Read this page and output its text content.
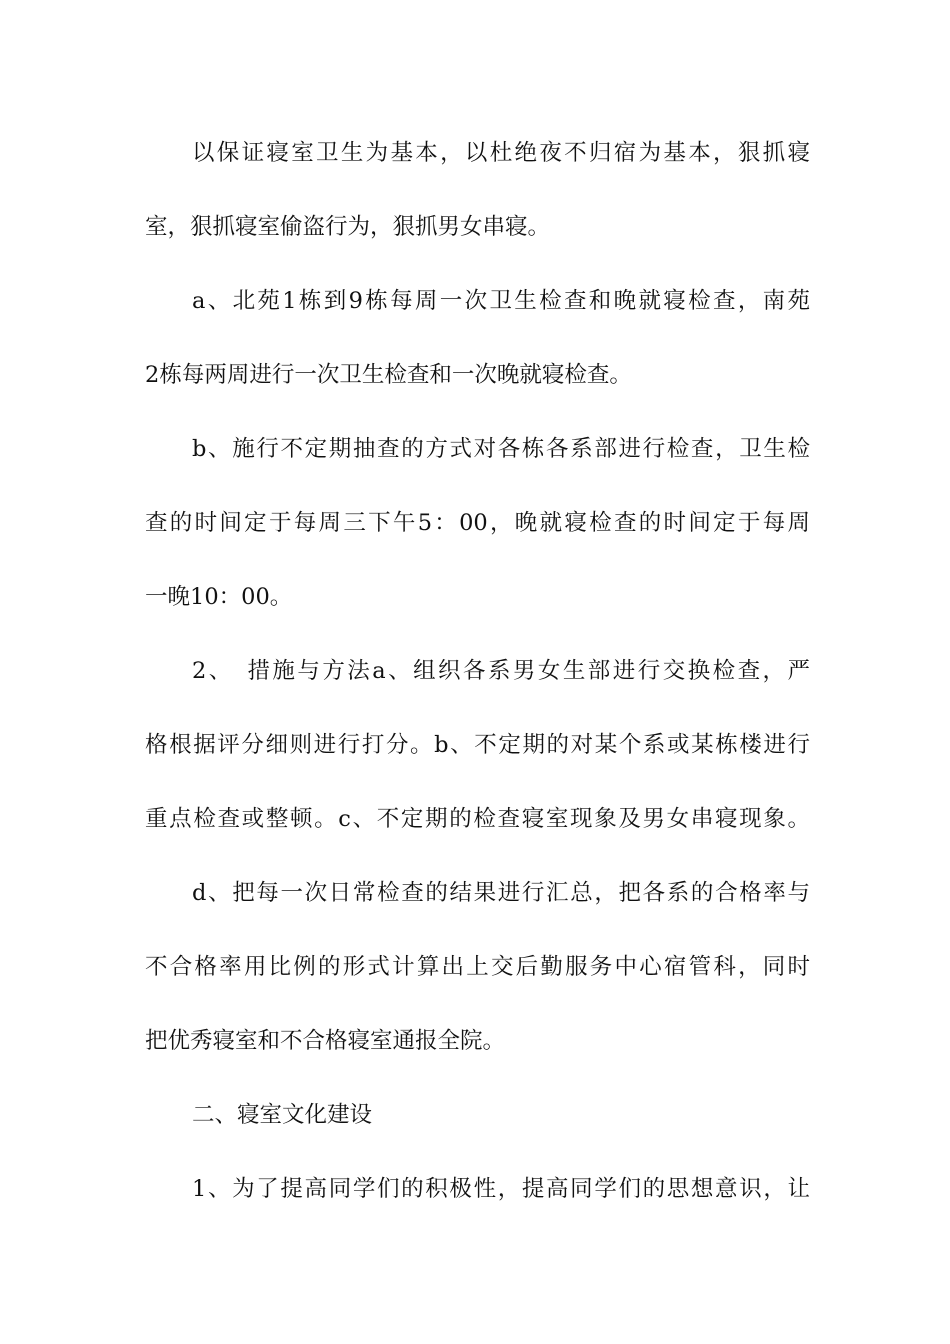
以保证寝室卫生为基本，以杜绝夜不归宿为基本，狠抓寝
室，狠抓寝室偷盗行为，狠抓男女串寝。
a、北苑1栋到9栋每周一次卫生检查和晚就寝检查，南苑
2栋每两周进行一次卫生检查和一次晚就寝检查。
b、施行不定期抽查的方式对各栋各系部进行检查，卫生检
查的时间定于每周三下午5：00，晚就寝检查的时间定于每周
一晚10：00。
2、　措施与方法a、组织各系男女生部进行交换检查，严
格根据评分细则进行打分。b、不定期的对某个系或某栋楼进行
重点检查或整顿。c、不定期的检查寝室现象及男女串寝现象。
d、把每一次日常检查的结果进行汇总，把各系的合格率与
不合格率用比例的形式计算出上交后勤服务中心宿管科，同时
把优秀寝室和不合格寝室通报全院。
二、寝室文化建设
1、为了提高同学们的积极性，提高同学们的思想意识，让
